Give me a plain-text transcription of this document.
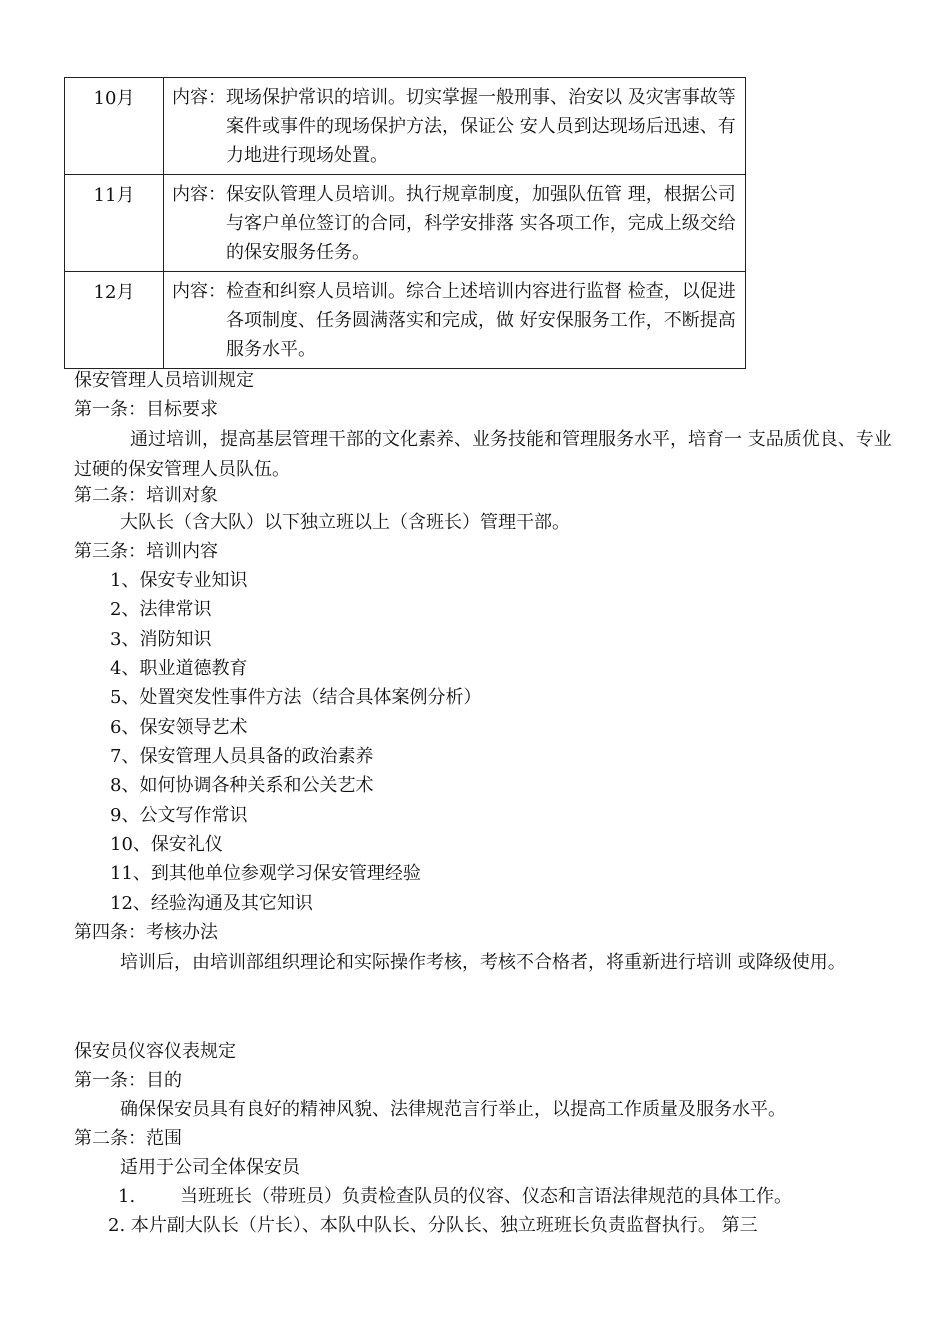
10月	内容：现场保护常识的培训。切实掌握一般刑事、治安以 及灾害事故等案件或事件的现场保护方法，保证公 安人员到达现场后迅速、有力地进行现场处置。

11月	内容：保安队管理人员培训。执行规章制度，加强队伍管 理，根据公司与客户单位签订的合同，科学安排落 实各项工作，完成上级交给的保安服务任务。

12月	内容：检查和纠察人员培训。综合上述培训内容进行监督 检查，以促进各项制度、任务圆满落实和完成，做 好安保服务工作，不断提高服务水平。
保安管理人员培训规定
第一条：目标要求
通过培训，提高基层管理干部的文化素养、业务技能和管理服务水平，培育一 支品质优良、专业过硬的保安管理人员队伍。
第二条：培训对象
大队长（含大队）以下独立班以上（含班长）管理干部。
第三条：培训内容
1、保安专业知识
2、法律常识
3、消防知识
4、职业道德教育
5、处置突发性事件方法（结合具体案例分析）
6、保安领导艺术
7、保安管理人员具备的政治素养
8、如何协调各种关系和公关艺术
9、公文写作常识
10、保安礼仪
11、到其他单位参观学习保安管理经验
12、经验沟通及其它知识
第四条：考核办法
培训后，由培训部组织理论和实际操作考核，考核不合格者，将重新进行培训 或降级使用。
保安员仪容仪表规定
第一条：目的
确保保安员具有良好的精神风貌、法律规范言行举止，以提高工作质量及服务水平。
第二条：范围
适用于公司全体保安员
1. 当班班长（带班员）负责检查队员的仪容、仪态和言语法律规范的具体工作。
2. 本片副大队长（片长）、本队中队长、分队长、独立班班长负责监督执行。 第三
